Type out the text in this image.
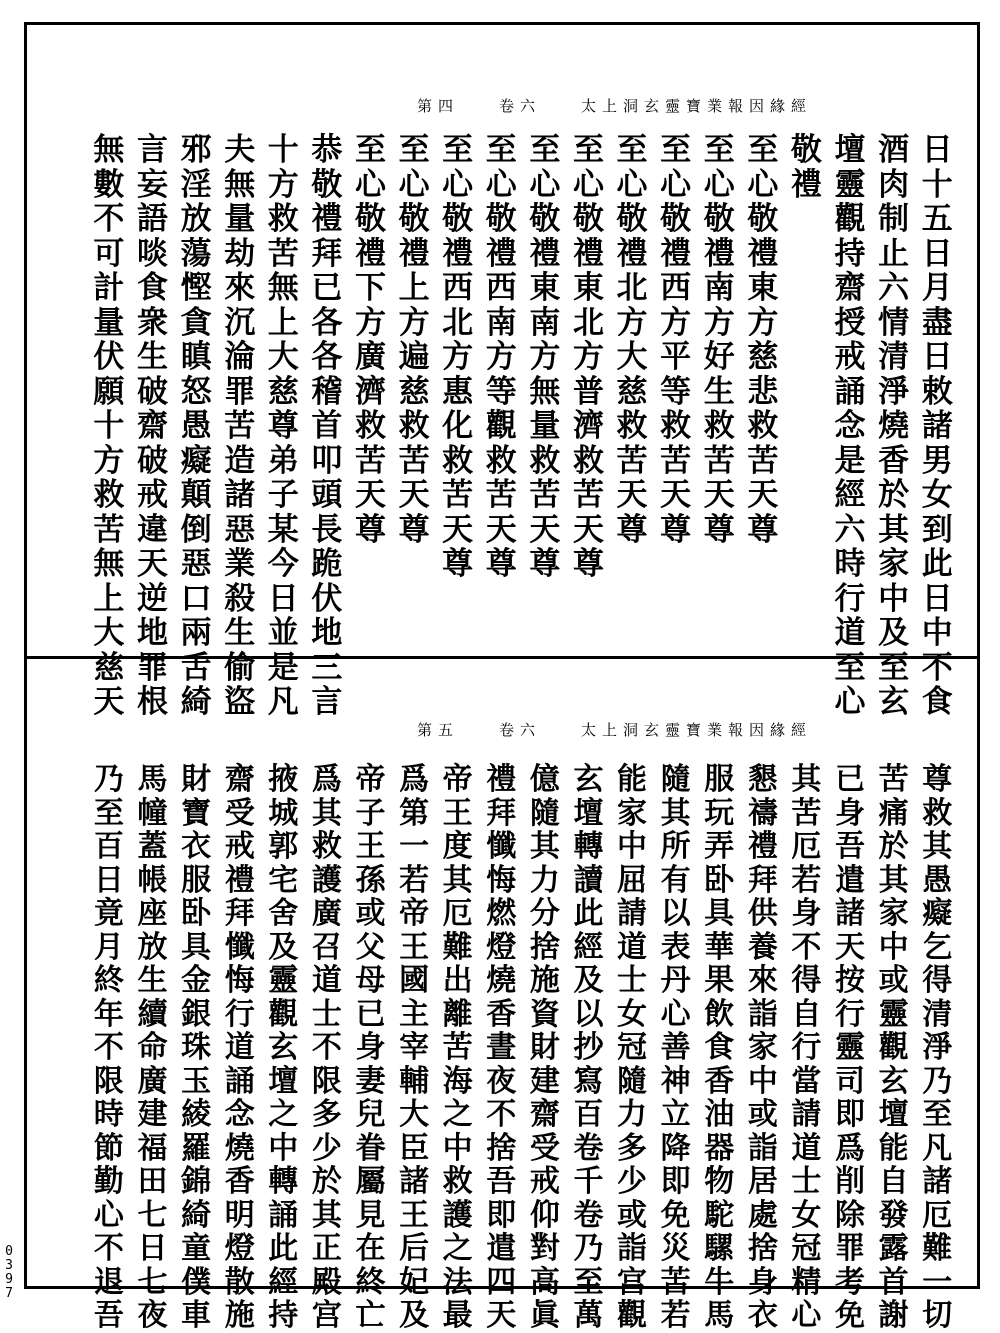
太上洞玄靈寶業報因緣經
卷六
第四
日
十
五
日
月
盡
日
敕
諸
男
女
到
此
日
中
不
食
酒
肉
制
止
六
情
清
淨
燒
香
於
其
家
中
及
至
玄
壇
靈
觀
持
齋
授
戒
誦
念
是
經
六
時
行
道
至
心
敬
禮
至
心
敬
禮
東
方
慈
悲
救
苦
天
尊
至
心
敬
禮
南
方
好
生
救
苦
天
尊
至
心
敬
禮
西
方
平
等
救
苦
天
尊
至
心
敬
禮
北
方
大
慈
救
苦
天
尊
至
心
敬
禮
東
北
方
普
濟
救
苦
天
尊
至
心
敬
禮
東
南
方
無
量
救
苦
天
尊
至
心
敬
禮
西
南
方
等
觀
救
苦
天
尊
至
心
敬
禮
西
北
方
惠
化
救
苦
天
尊
至
心
敬
禮
上
方
遍
慈
救
苦
天
尊
至
心
敬
禮
下
方
廣
濟
救
苦
天
尊
恭
敬
禮
拜
已
各
各
稽
首
叩
頭
長
跪
伏
地
三
言
十
方
救
苦
無
上
大
慈
尊
弟
子
某
今
日
並
是
凡
夫
無
量
劫
來
沉
淪
罪
苦
造
諸
惡
業
殺
生
偷
盜
邪
淫
放
蕩
慳
貪
瞋
怒
愚
癡
顛
倒
惡
口
兩
舌
綺
言
妄
語
啖
食
衆
生
破
齋
破
戒
違
天
逆
地
罪
根
無
數
不
可
計
量
伏
願
十
方
救
苦
無
上
大
慈
天
太上洞玄靈寶業報因緣經
卷六
第五
尊
救
其
愚
癡
乞
得
清
淨
乃
至
凡
諸
厄
難
一
切
苦
痛
於
其
家
中
或
靈
觀
玄
壇
能
自
發
露
首
謝
已
身
吾
遣
諸
天
按
行
靈
司
即
爲
削
除
罪
考
免
其
苦
厄
若
身
不
得
自
行
當
請
道
士
女
冠
精
心
懇
禱
禮
拜
供
養
來
詣
家
中
或
詣
居
處
捨
身
衣
服
玩
弄
卧
具
華
果
飲
食
香
油
器
物
駝
騾
牛
馬
隨
其
所
有
以
表
丹
心
善
神
立
降
即
免
災
苦
若
能
家
中
屈
請
道
士
女
冠
隨
力
多
少
或
詣
宫
觀
玄
壇
轉
讀
此
經
及
以
抄
寫
百
卷
千
卷
乃
至
萬
億
隨
其
力
分
捨
施
資
財
建
齋
受
戒
仰
對
高
眞
禮
拜
懺
悔
燃
燈
燒
香
晝
夜
不
捨
吾
即
遣
四
天
帝
王
度
其
厄
難
出
離
苦
海
之
中
救
護
之
法
最
爲
第
一
若
帝
王
國
主
宰
輔
大
臣
諸
王
后
妃
及
帝
子
王
孫
或
父
母
已
身
妻
兒
眷
屬
見
在
終
亡
爲
其
救
護
廣
召
道
士
不
限
多
少
於
其
正
殿
宫
掖
城
郭
宅
舍
及
靈
觀
玄
壇
之
中
轉
誦
此
經
持
齋
受
戒
禮
拜
懺
悔
行
道
誦
念
燒
香
明
燈
散
施
財
寶
衣
服
卧
具
金
銀
珠
玉
綾
羅
錦
綺
童
僕
車
馬
幢
蓋
帳
座
放
生
續
命
廣
建
福
田
七
日
七
夜
乃
至
百
日
竟
月
終
年
不
限
時
節
勤
心
不
退
吾
0397
